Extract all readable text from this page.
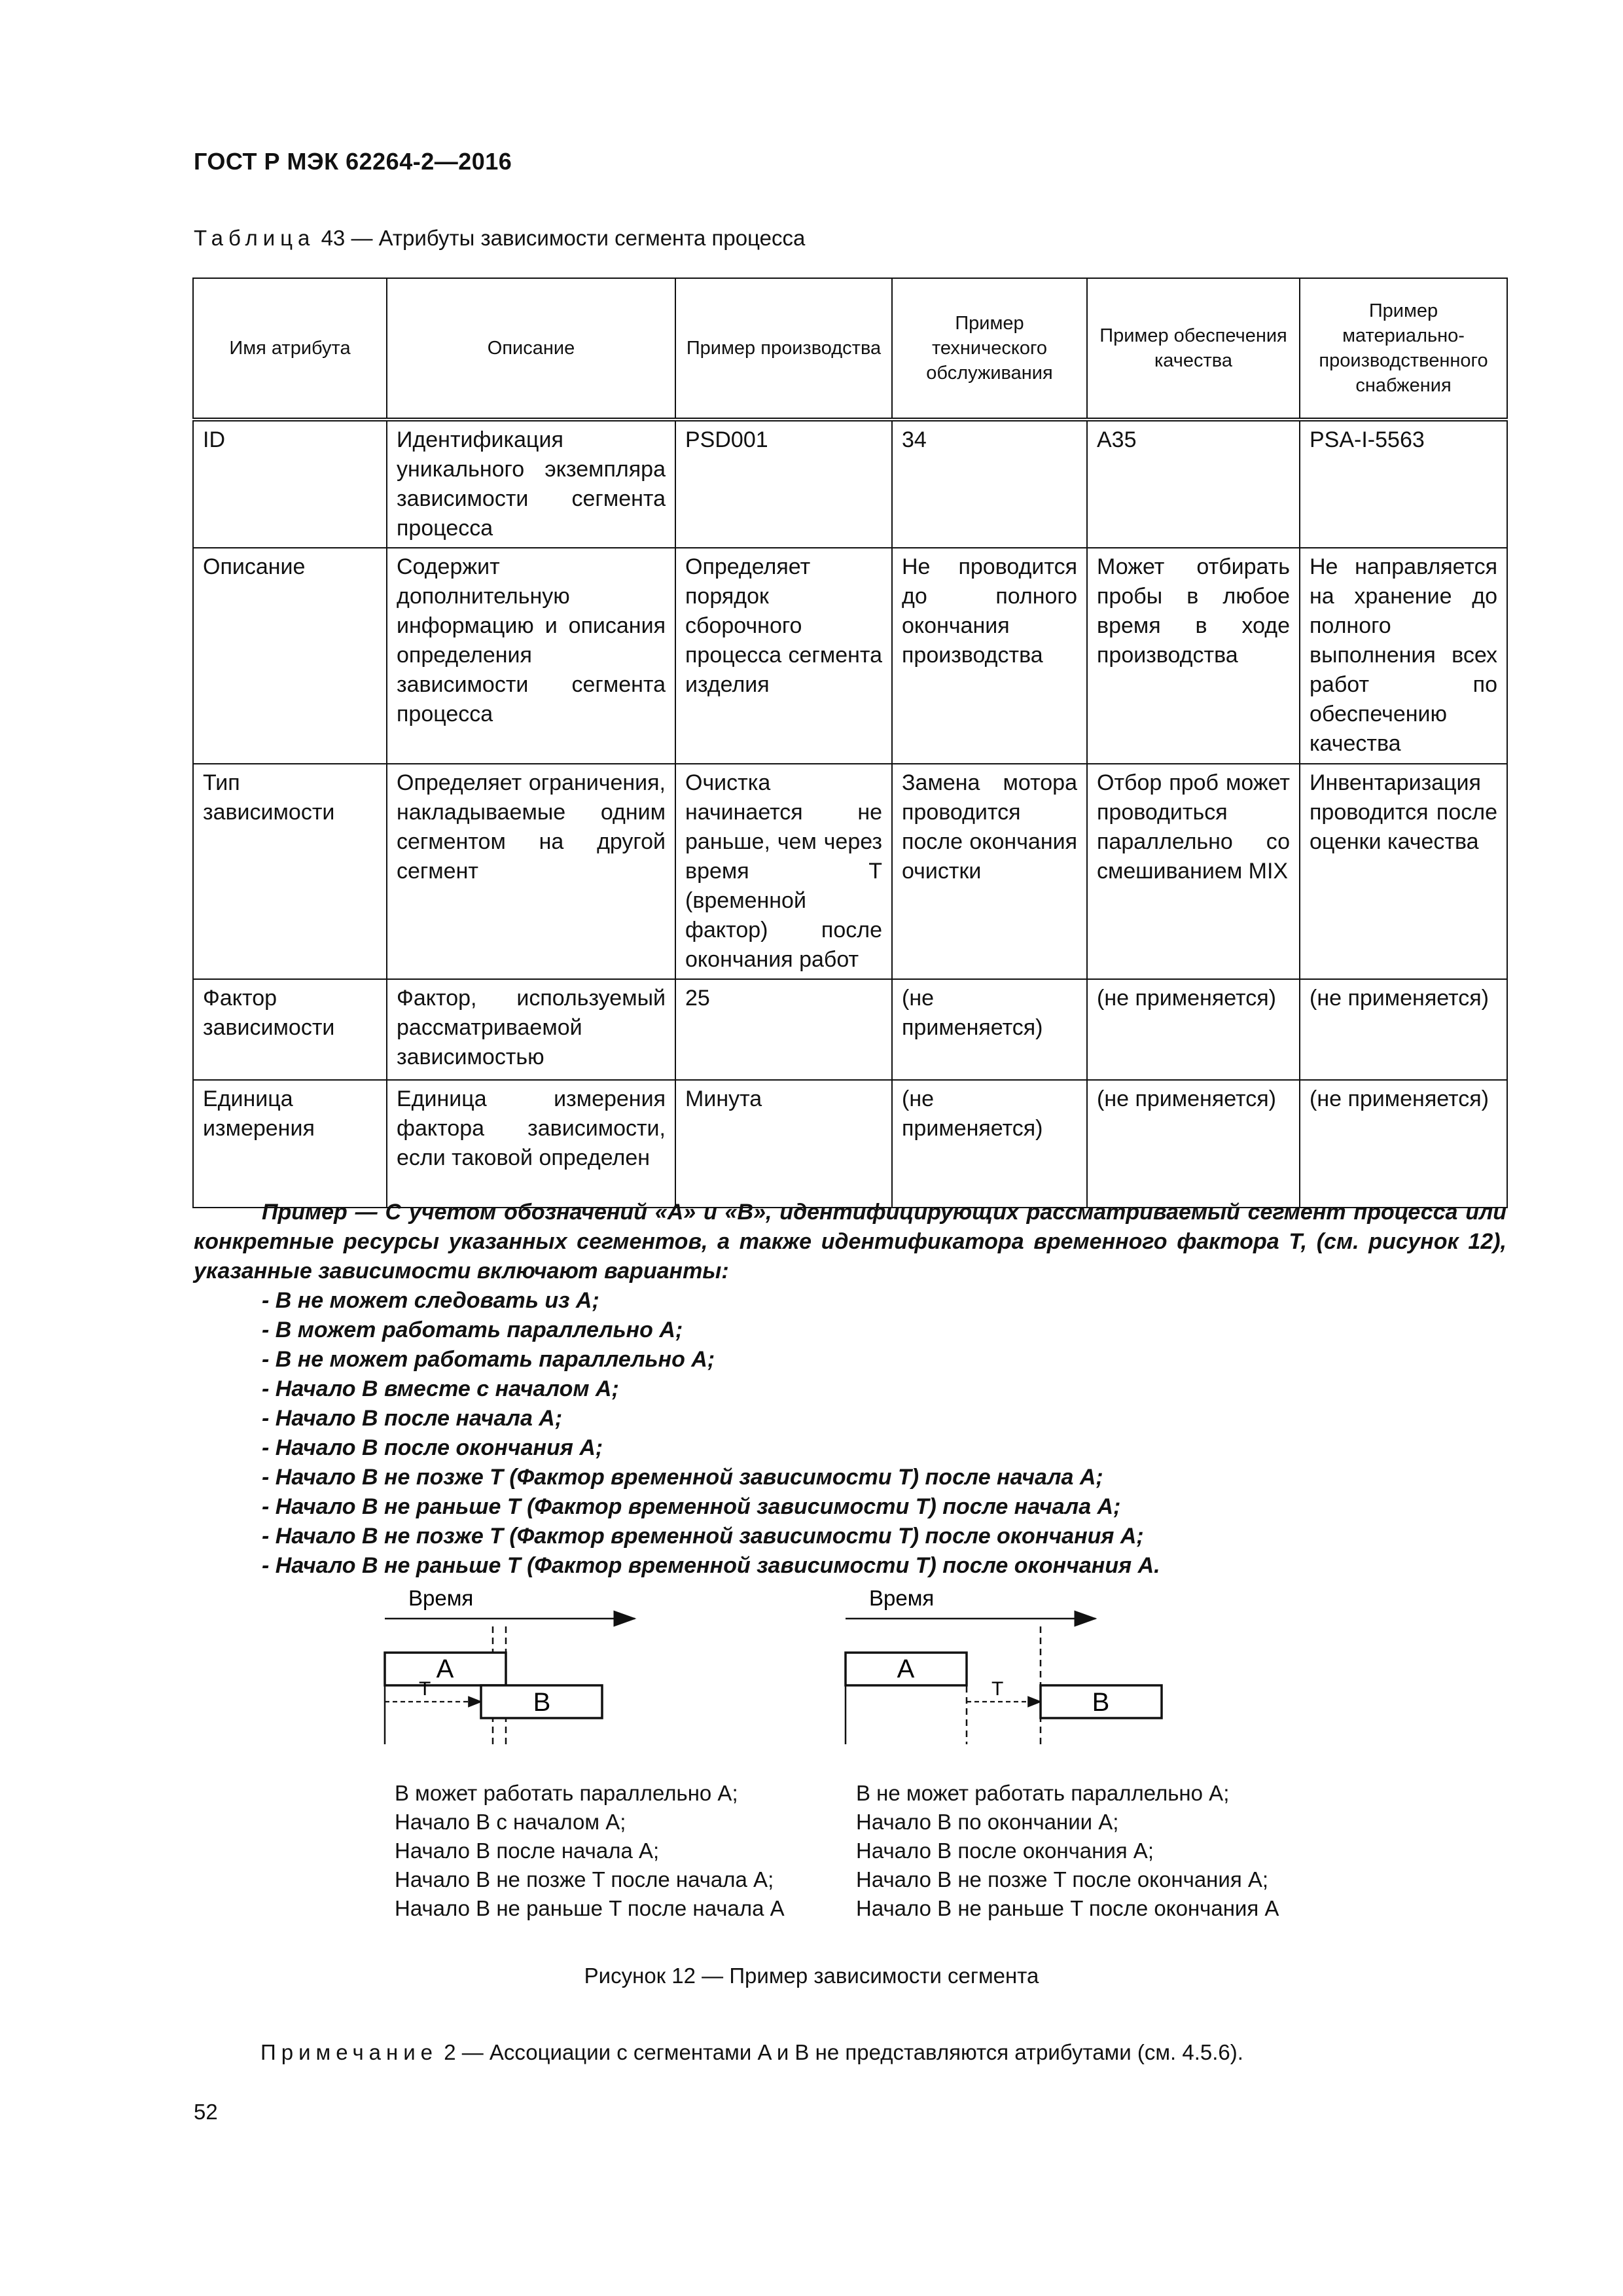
ГОСТ Р МЭК 62264-2—2016
Таблица 43 — Атрибуты зависимости сегмента процесса
Имя атрибута	Описание	Пример производства	Пример технического обслуживания	Пример обеспечения качества	Пример материально-производственного снабжения
ID	Идентификация уникального экземпляра зависимости сегмента процесса	PSD001	34	A35	PSA-I-5563
Описание	Содержит дополнительную информацию и описания определения зависимости сегмента процесса	Определяет порядок сборочного процесса сегмента изделия	Не проводится до полного окончания производства	Может отбирать пробы в любое время в ходе производства	Не направляется на хранение до полного выполнения всех работ по обеспечению качества
Тип зависимости	Определяет ограничения, накладываемые одним сегментом на другой сегмент	Очистка начинается не раньше, чем через время T (временной фактор) после окончания работ	Замена мотора проводится после окончания очистки	Отбор проб может проводиться параллельно со смешиванием MIX	Инвентаризация проводится после оценки качества
Фактор зависимости	Фактор, используемый рассматриваемой зависимостью	25	(не применяется)	(не применяется)	(не применяется)
Единица измерения	Единица измерения фактора зависимости, если таковой определен	Минута	(не применяется)	(не применяется)	(не применяется)

Пример — С учетом обозначений «A» и «B», идентифицирующих рассматриваемый сегмент процесса или конкретные ресурсы указанных сегментов, а также идентификатора временного фактора T, (см. рисунок 12), указанные зависимости включают варианты:

- B не может следовать из A;
- B может работать параллельно A;
- B не может работать параллельно A;
- Начало B вместе с началом A;
- Начало B после начала A;
- Начало B после окончания A;
- Начало B не позже T (Фактор временной зависимости T) после начала A;
- Начало B не раньше T (Фактор временной зависимости T) после начала A;
- Начало B не позже T (Фактор временной зависимости T) после окончания A;
- Начало B не раньше T (Фактор временной зависимости T) после окончания A.
Время
A
T	B
Время
A
T	B
B может работать параллельно A;
Начало B с началом A;
Начало B после начала A;
Начало B не позже T после начала A;
Начало B не раньше T после начала A
B не может работать параллельно A;
Начало B по окончании A;
Начало B после окончания A;
Начало B не позже T после окончания A;
Начало B не раньше T после окончания A
Рисунок 12 — Пример зависимости сегмента
Примечание 2 — Ассоциации с сегментами A и B не представляются атрибутами (см. 4.5.6).
52
